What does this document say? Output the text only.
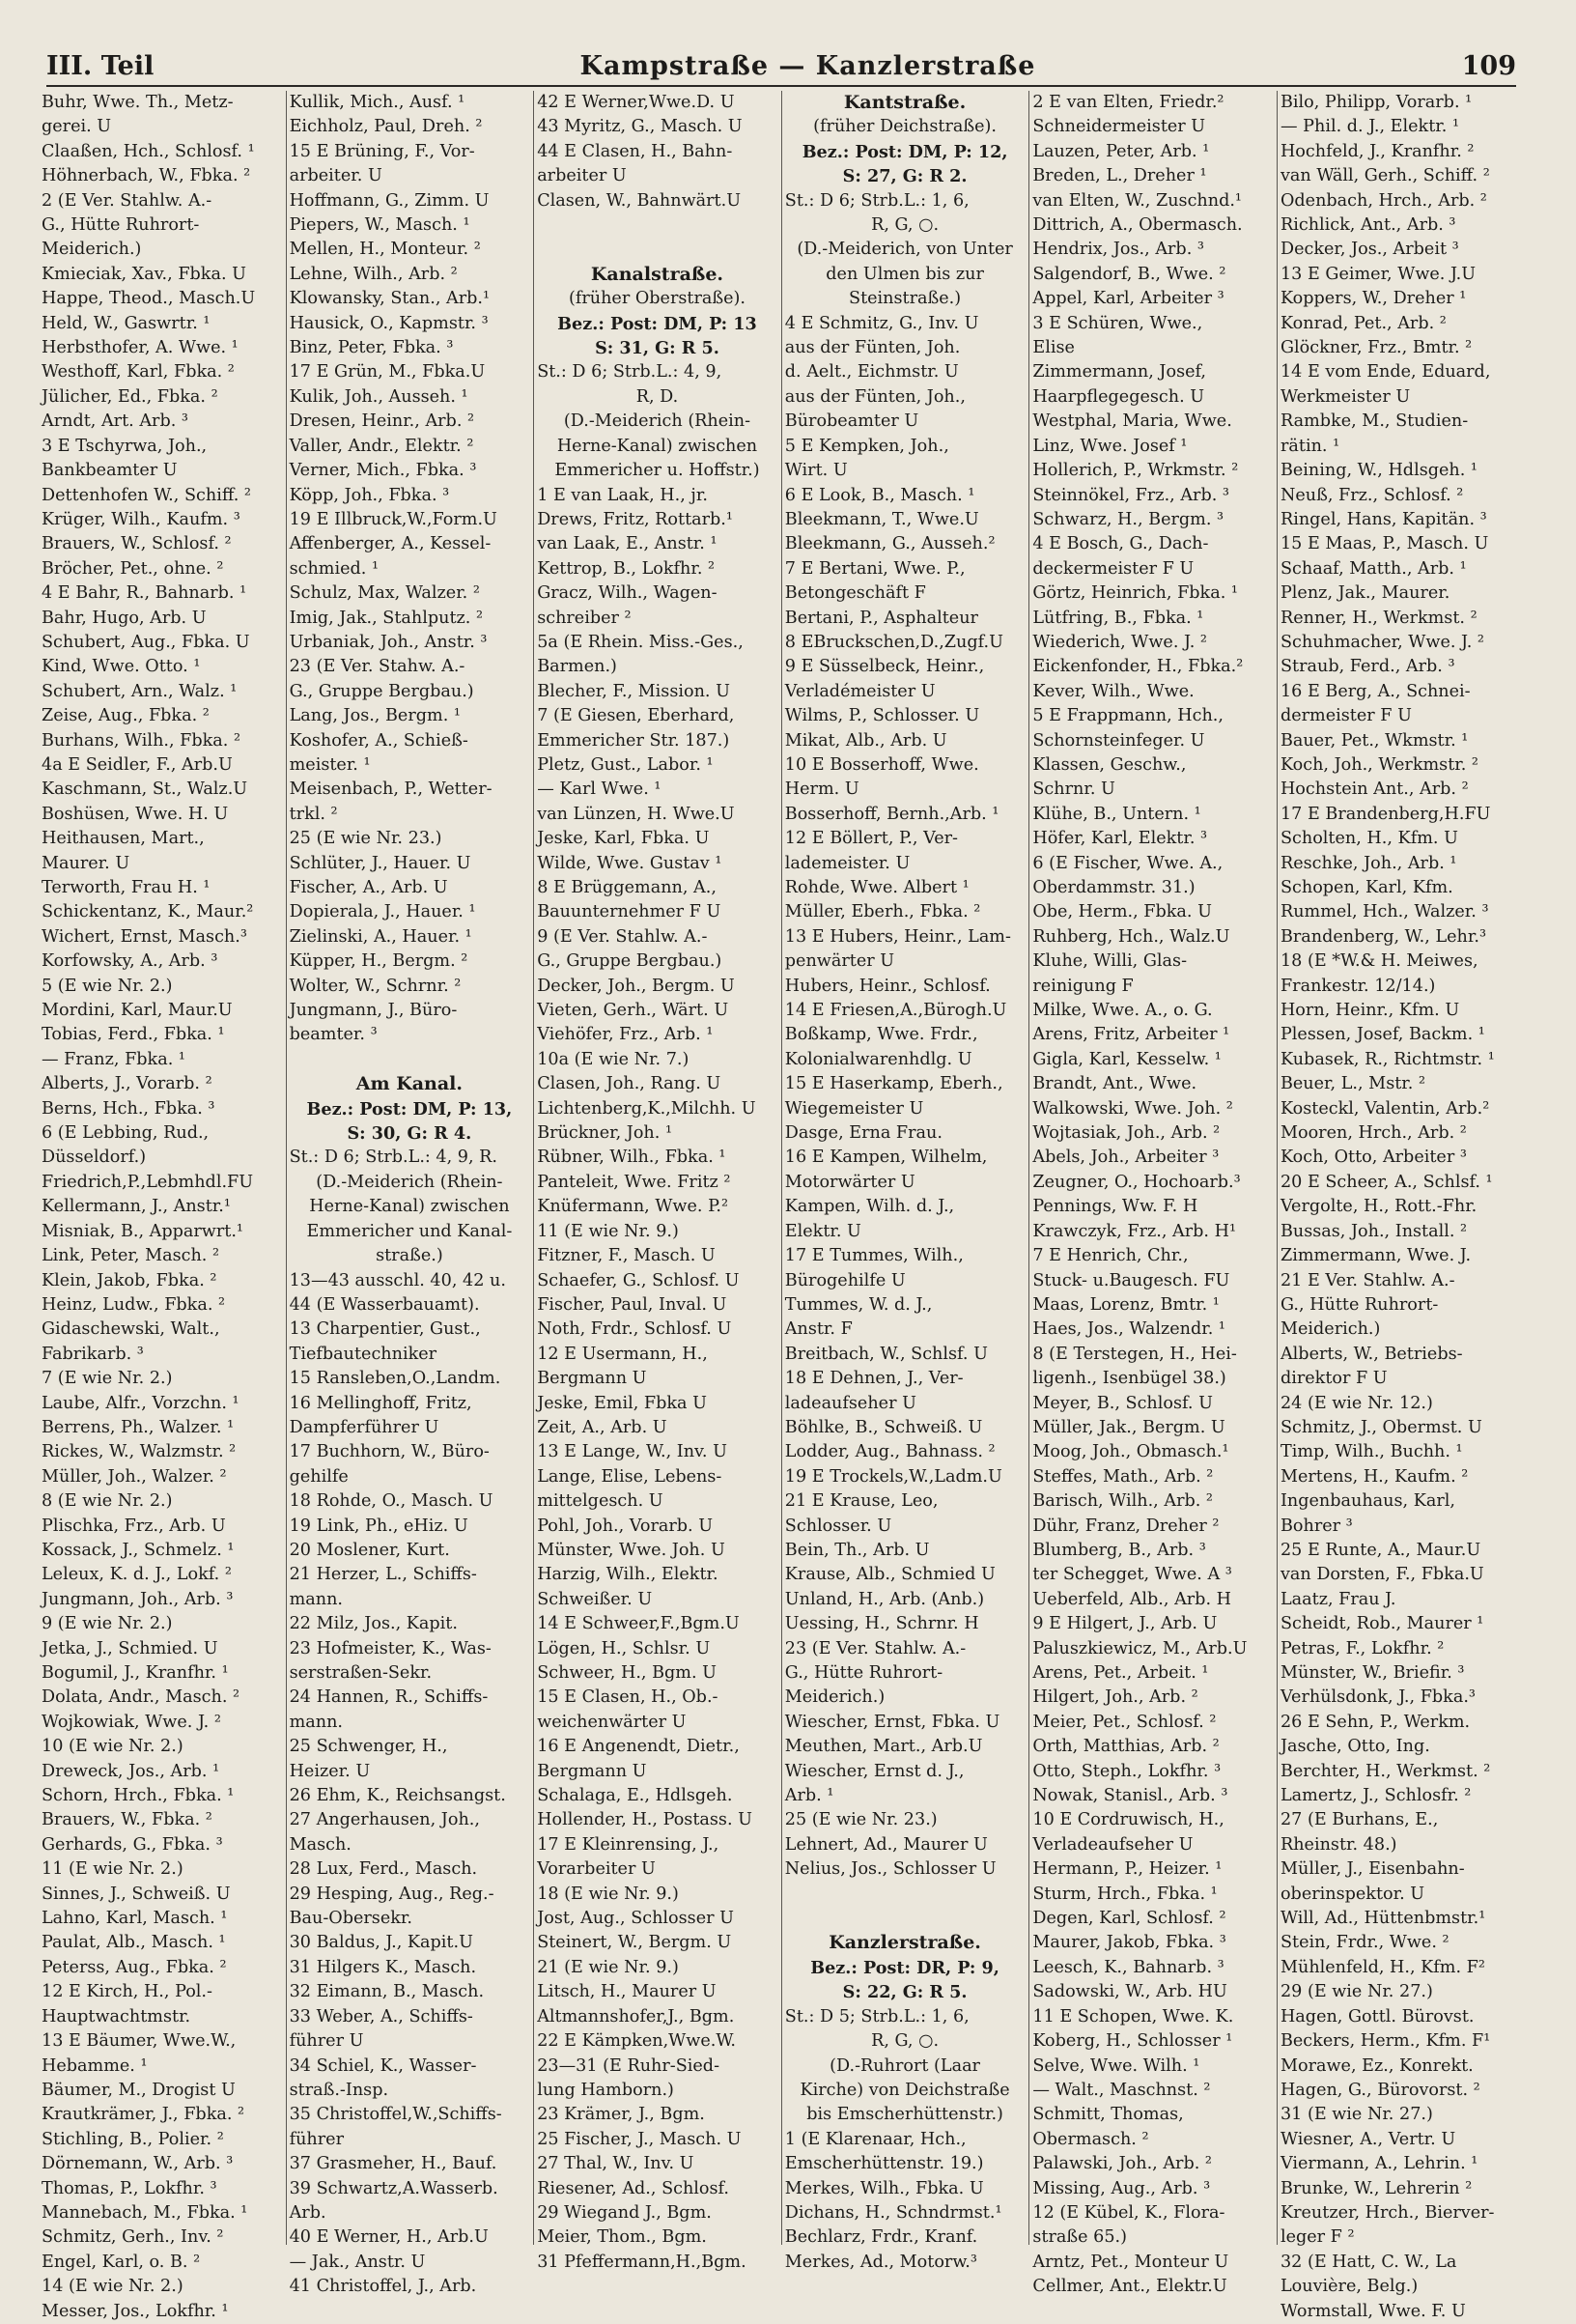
III. Teil	Kampstraße — Kanzlerstraße	109
Buhr, Wwe. Th., Metz-
gerei. U
Claaßen, Hch., Schlosf. ¹
Höhnerbach, W., Fbka. ²
2 (E Ver. Stahlw. A.-
G., Hütte Ruhrort-
Meiderich.)
Kmieciak, Xav., Fbka. U
Happe, Theod., Masch.U
Held, W., Gaswrtr. ¹
Herbsthofer, A. Wwe. ¹
Westhoff, Karl, Fbka. ²
Jülicher, Ed., Fbka. ²
Arndt, Art. Arb. ³
3 E Tschyrwa, Joh.,
Bankbeamter U
Dettenhofen W., Schiff. ²
Krüger, Wilh., Kaufm. ³
Brauers, W., Schlosf. ²
Bröcher, Pet., ohne. ²
4 E Bahr, R., Bahnarb. ¹
Bahr, Hugo, Arb. U
Schubert, Aug., Fbka. U
Kind, Wwe. Otto. ¹
Schubert, Arn., Walz. ¹
Zeise, Aug., Fbka. ²
Burhans, Wilh., Fbka. ²
4a E Seidler, F., Arb.U
Kaschmann, St., Walz.U
Boshüsen, Wwe. H. U
Heithausen, Mart.,
Maurer. U
Terworth, Frau H. ¹
Schickentanz, K., Maur.²
Wichert, Ernst, Masch.³
Korfowsky, A., Arb. ³
5 (E wie Nr. 2.)
Mordini, Karl, Maur.U
Tobias, Ferd., Fbka. ¹
— Franz, Fbka. ¹
Alberts, J., Vorarb. ²
Berns, Hch., Fbka. ³
6 (E Lebbing, Rud.,
Düsseldorf.)
Friedrich,P.,Lebmhdl.FU
Kellermann, J., Anstr.¹
Misniak, B., Apparwrt.¹
Link, Peter, Masch. ²
Klein, Jakob, Fbka. ²
Heinz, Ludw., Fbka. ²
Gidaschewski, Walt.,
Fabrikarb. ³
7 (E wie Nr. 2.)
Laube, Alfr., Vorzchn. ¹
Berrens, Ph., Walzer. ¹
Rickes, W., Walzmstr. ²
Müller, Joh., Walzer. ²
8 (E wie Nr. 2.)
Plischka, Frz., Arb. U
Kossack, J., Schmelz. ¹
Leleux, K. d. J., Lokf. ²
Jungmann, Joh., Arb. ³
9 (E wie Nr. 2.)
Jetka, J., Schmied. U
Bogumil, J., Kranfhr. ¹
Dolata, Andr., Masch. ²
Wojkowiak, Wwe. J. ²
10 (E wie Nr. 2.)
Dreweck, Jos., Arb. ¹
Schorn, Hrch., Fbka. ¹
Brauers, W., Fbka. ²
Gerhards, G., Fbka. ³
11 (E wie Nr. 2.)
Sinnes, J., Schweiß. U
Lahno, Karl, Masch. ¹
Paulat, Alb., Masch. ¹
Peterss, Aug., Fbka. ²
12 E Kirch, H., Pol.-
Hauptwachtmstr.
13 E Bäumer, Wwe.W.,
Hebamme. ¹
Bäumer, M., Drogist U
Krautkrämer, J., Fbka. ²
Stichling, B., Polier. ²
Dörnemann, W., Arb. ³
Thomas, P., Lokfhr. ³
Mannebach, M., Fbka. ¹
Schmitz, Gerh., Inv. ²
Engel, Karl, o. B. ²
14 (E wie Nr. 2.)
Messer, Jos., Lokfhr. ¹
Kullik, Mich., Ausf. ¹
Eichholz, Paul, Dreh. ²
15 E Brüning, F., Vor-
arbeiter. U
Hoffmann, G., Zimm. U
Piepers, W., Masch. ¹
Mellen, H., Monteur. ²
Lehne, Wilh., Arb. ²
Klowansky, Stan., Arb.¹
Hausick, O., Kapmstr. ³
Binz, Peter, Fbka. ³
17 E Grün, M., Fbka.U
Kulik, Joh., Ausseh. ¹
Dresen, Heinr., Arb. ²
Valler, Andr., Elektr. ²
Verner, Mich., Fbka. ³
Köpp, Joh., Fbka. ³
19 E Illbruck,W.,Form.U
Affenberger, A., Kessel-
schmied. ¹
Schulz, Max, Walzer. ²
Imig, Jak., Stahlputz. ²
Urbaniak, Joh., Anstr. ³
23 (E Ver. Stahw. A.-
G., Gruppe Bergbau.)
Lang, Jos., Bergm. ¹
Koshofer, A., Schieß-
meister. ¹
Meisenbach, P., Wetter-
trkl. ²
25 (E wie Nr. 23.)
Schlüter, J., Hauer. U
Fischer, A., Arb. U
Dopierala, J., Hauer. ¹
Zielinski, A., Hauer. ¹
Küpper, H., Bergm. ²
Wolter, W., Schrnr. ²
Jungmann, J., Büro-
beamter. ³

Am Kanal.
Bez.: Post: DM, P: 13,
S: 30, G: R 4.
St.: D 6; Strb.L.: 4, 9, R.
(D.-Meiderich (Rhein-
Herne-Kanal) zwischen
Emmericher und Kanal-
straße.)
13—43 ausschl. 40, 42 u.
44 (E Wasserbauamt).
13 Charpentier, Gust.,
Tiefbautechniker
15 Ransleben,O.,Landm.
16 Mellinghoff, Fritz,
Dampferführer U
17 Buchhorn, W., Büro-
gehilfe
18 Rohde, O., Masch. U
19 Link, Ph., eHiz. U
20 Moslener, Kurt.
21 Herzer, L., Schiffs-
mann.
22 Milz, Jos., Kapit.
23 Hofmeister, K., Was-
serstraßen-Sekr.
24 Hannen, R., Schiffs-
mann.
25 Schwenger, H.,
Heizer. U
26 Ehm, K., Reichsangst.
27 Angerhausen, Joh.,
Masch.
28 Lux, Ferd., Masch.
29 Hesping, Aug., Reg.-
Bau-Obersekr.
30 Baldus, J., Kapit.U
31 Hilgers K., Masch.
32 Eimann, B., Masch.
33 Weber, A., Schiffs-
führer U
34 Schiel, K., Wasser-
straß.-Insp.
35 Christoffel,W.,Schiffs-
führer
37 Grasmeher, H., Bauf.
39 Schwartz,A.Wasserb.
Arb.
40 E Werner, H., Arb.U
— Jak., Anstr. U
41 Christoffel, J., Arb.
42 E Werner,Wwe.D. U
43 Myritz, G., Masch. U
44 E Clasen, H., Bahn-
arbeiter U
Clasen, W., Bahnwärt.U

Kanalstraße.
(früher Oberstraße).
Bez.: Post: DM, P: 13
S: 31, G: R 5.
St.: D 6; Strb.L.: 4, 9,
R, D.
(D.-Meiderich (Rhein-
Herne-Kanal) zwischen
Emmericher u. Hoffstr.)
1 E van Laak, H., jr.
Drews, Fritz, Rottarb.¹
van Laak, E., Anstr. ¹
Kettrop, B., Lokfhr. ²
Gracz, Wilh., Wagen-
schreiber ²
5a (E Rhein. Miss.-Ges.,
Barmen.)
Blecher, F., Mission. U
7 (E Giesen, Eberhard,
Emmericher Str. 187.)
Pletz, Gust., Labor. ¹
— Karl Wwe. ¹
van Lünzen, H. Wwe.U
Jeske, Karl, Fbka. U
Wilde, Wwe. Gustav ¹
8 E Brüggemann, A.,
Bauunternehmer F U
9 (E Ver. Stahlw. A.-
G., Gruppe Bergbau.)
Decker, Joh., Bergm. U
Vieten, Gerh., Wärt. U
Viehöfer, Frz., Arb. ¹
10a (E wie Nr. 7.)
Clasen, Joh., Rang. U
Lichtenberg,K.,Milchh. U
Brückner, Joh. ¹
Rübner, Wilh., Fbka. ¹
Panteleit, Wwe. Fritz ²
Knüfermann, Wwe. P.²
11 (E wie Nr. 9.)
Fitzner, F., Masch. U
Schaefer, G., Schlosf. U
Fischer, Paul, Inval. U
Noth, Frdr., Schlosf. U
12 E Usermann, H.,
Bergmann U
Jeske, Emil, Fbka U
Zeit, A., Arb. U
13 E Lange, W., Inv. U
Lange, Elise, Lebens-
mittelgesch. U
Pohl, Joh., Vorarb. U
Münster, Wwe. Joh. U
Harzig, Wilh., Elektr.
Schweißer. U
14 E Schweer,F.,Bgm.U
Lögen, H., Schlsr. U
Schweer, H., Bgm. U
15 E Clasen, H., Ob.-
weichenwärter U
16 E Angenendt, Dietr.,
Bergmann U
Schalaga, E., Hdlsgeh.
Hollender, H., Postass. U
17 E Kleinrensing, J.,
Vorarbeiter U
18 (E wie Nr. 9.)
Jost, Aug., Schlosser U
Steinert, W., Bergm. U
21 (E wie Nr. 9.)
Litsch, H., Maurer U
Altmannshofer,J., Bgm.
22 E Kämpken,Wwe.W.
23—31 (E Ruhr-Sied-
lung Hamborn.)
23 Krämer, J., Bgm.
25 Fischer, J., Masch. U
27 Thal, W., Inv. U
Riesener, Ad., Schlosf.
29 Wiegand J., Bgm.
Meier, Thom., Bgm.
31 Pfeffermann,H.,Bgm.
Kantstraße.
(früher Deichstraße).
Bez.: Post: DM, P: 12,
S: 27, G: R 2.
St.: D 6; Strb.L.: 1, 6,
R, G, ○.
(D.-Meiderich, von Unter
den Ulmen bis zur
Steinstraße.)
4 E Schmitz, G., Inv. U
aus der Fünten, Joh.
d. Aelt., Eichmstr. U
aus der Fünten, Joh.,
Bürobeamter U
5 E Kempken, Joh.,
Wirt. U
6 E Look, B., Masch. ¹
Bleekmann, T., Wwe.U
Bleekmann, G., Ausseh.²
7 E Bertani, Wwe. P.,
Betongeschäft F
Bertani, P., Asphalteur
8 EBruckschen,D.,Zugf.U
9 E Süsselbeck, Heinr.,
Verladémeister U
Wilms, P., Schlosser. U
Mikat, Alb., Arb. U
10 E Bosserhoff, Wwe.
Herm. U
Bosserhoff, Bernh.,Arb. ¹
12 E Böllert, P., Ver-
lademeister. U
Rohde, Wwe. Albert ¹
Müller, Eberh., Fbka. ²
13 E Hubers, Heinr., Lam-
penwärter U
Hubers, Heinr., Schlosf.
14 E Friesen,A.,Bürogh.U
Boßkamp, Wwe. Frdr.,
Kolonialwarenhdlg. U
15 E Haserkamp, Eberh.,
Wiegemeister U
Dasge, Erna Frau.
16 E Kampen, Wilhelm,
Motorwärter U
Kampen, Wilh. d. J.,
Elektr. U
17 E Tummes, Wilh.,
Bürogehilfe U
Tummes, W. d. J.,
Anstr. F
Breitbach, W., Schlsf. U
18 E Dehnen, J., Ver-
ladeaufseher U
Böhlke, B., Schweiß. U
Lodder, Aug., Bahnass. ²
19 E Trockels,W.,Ladm.U
21 E Krause, Leo,
Schlosser. U
Bein, Th., Arb. U
Krause, Alb., Schmied U
Unland, H., Arb. (Anb.)
Uessing, H., Schrnr. H
23 (E Ver. Stahlw. A.-
G., Hütte Ruhrort-
Meiderich.)
Wiescher, Ernst, Fbka. U
Meuthen, Mart., Arb.U
Wiescher, Ernst d. J.,
Arb. ¹
25 (E wie Nr. 23.)
Lehnert, Ad., Maurer U
Nelius, Jos., Schlosser U

Kanzlerstraße.
Bez.: Post: DR, P: 9,
S: 22, G: R 5.
St.: D 5; Strb.L.: 1, 6,
R, G, ○.
(D.-Ruhrort (Laar
Kirche) von Deichstraße
bis Emscherhüttenstr.)
1 (E Klarenaar, Hch.,
Emscherhüttenstr. 19.)
Merkes, Wilh., Fbka. U
Dichans, H., Schndrmst.¹
Bechlarz, Frdr., Kranf.
Merkes, Ad., Motorw.³
2 E van Elten, Friedr.²
Schneidermeister U
Lauzen, Peter, Arb. ¹
Breden, L., Dreher ¹
van Elten, W., Zuschnd.¹
Dittrich, A., Obermasch.
Hendrix, Jos., Arb. ³
Salgendorf, B., Wwe. ²
Appel, Karl, Arbeiter ³
3 E Schüren, Wwe.,
Elise
Zimmermann, Josef,
Haarpflegegesch. U
Westphal, Maria, Wwe.
Linz, Wwe. Josef ¹
Hollerich, P., Wrkmstr. ²
Steinnökel, Frz., Arb. ³
Schwarz, H., Bergm. ³
4 E Bosch, G., Dach-
deckermeister F U
Görtz, Heinrich, Fbka. ¹
Lütfring, B., Fbka. ¹
Wiederich, Wwe. J. ²
Eickenfonder, H., Fbka.²
Kever, Wilh., Wwe.
5 E Frappmann, Hch.,
Schornsteinfeger. U
Klassen, Geschw.,
Schrnr. U
Klühe, B., Untern. ¹
Höfer, Karl, Elektr. ³
6 (E Fischer, Wwe. A.,
Oberdammstr. 31.)
Obe, Herm., Fbka. U
Ruhberg, Hch., Walz.U
Kluhe, Willi, Glas-
reinigung F
Milke, Wwe. A., o. G.
Arens, Fritz, Arbeiter ¹
Gigla, Karl, Kesselw. ¹
Brandt, Ant., Wwe.
Walkowski, Wwe. Joh. ²
Wojtasiak, Joh., Arb. ²
Abels, Joh., Arbeiter ³
Zeugner, O., Hochoarb.³
Pennings, Ww. F. H
Krawczyk, Frz., Arb. H¹
7 E Henrich, Chr.,
Stuck- u.Baugesch. FU
Maas, Lorenz, Bmtr. ¹
Haes, Jos., Walzendr. ¹
8 (E Terstegen, H., Hei-
ligenh., Isenbügel 38.)
Meyer, B., Schlosf. U
Müller, Jak., Bergm. U
Moog, Joh., Obmasch.¹
Steffes, Math., Arb. ²
Barisch, Wilh., Arb. ²
Dühr, Franz, Dreher ²
Blumberg, B., Arb. ³
ter Schegget, Wwe. A ³
Ueberfeld, Alb., Arb. H
9 E Hilgert, J., Arb. U
Paluszkiewicz, M., Arb.U
Arens, Pet., Arbeit. ¹
Hilgert, Joh., Arb. ²
Meier, Pet., Schlosf. ²
Orth, Matthias, Arb. ²
Otto, Steph., Lokfhr. ³
Nowak, Stanisl., Arb. ³
10 E Cordruwisch, H.,
Verladeaufseher U
Hermann, P., Heizer. ¹
Sturm, Hrch., Fbka. ¹
Degen, Karl, Schlosf. ²
Maurer, Jakob, Fbka. ³
Leesch, K., Bahnarb. ³
Sadowski, W., Arb. HU
11 E Schopen, Wwe. K.
Koberg, H., Schlosser ¹
Selve, Wwe. Wilh. ¹
— Walt., Maschnst. ²
Schmitt, Thomas,
Obermasch. ²
Palawski, Joh., Arb. ²
Missing, Aug., Arb. ³
12 (E Kübel, K., Flora-
straße 65.)
Arntz, Pet., Monteur U
Cellmer, Ant., Elektr.U
Bilo, Philipp, Vorarb. ¹
— Phil. d. J., Elektr. ¹
Hochfeld, J., Kranfhr. ²
van Wäll, Gerh., Schiff. ²
Odenbach, Hrch., Arb. ²
Richlick, Ant., Arb. ³
Decker, Jos., Arbeit ³
13 E Geimer, Wwe. J.U
Koppers, W., Dreher ¹
Konrad, Pet., Arb. ²
Glöckner, Frz., Bmtr. ²
14 E vom Ende, Eduard,
Werkmeister U
Rambke, M., Studien-
rätin. ¹
Beining, W., Hdlsgeh. ¹
Neuß, Frz., Schlosf. ²
Ringel, Hans, Kapitän. ³
15 E Maas, P., Masch. U
Schaaf, Matth., Arb. ¹
Plenz, Jak., Maurer.
Renner, H., Werkmst. ²
Schuhmacher, Wwe. J. ²
Straub, Ferd., Arb. ³
16 E Berg, A., Schnei-
dermeister F U
Bauer, Pet., Wkmstr. ¹
Koch, Joh., Werkmstr. ²
Hochstein Ant., Arb. ²
17 E Brandenberg,H.FU
Scholten, H., Kfm. U
Reschke, Joh., Arb. ¹
Schopen, Karl, Kfm.
Rummel, Hch., Walzer. ³
Brandenberg, W., Lehr.³
18 (E *W.& H. Meiwes,
Frankestr. 12/14.)
Horn, Heinr., Kfm. U
Plessen, Josef, Backm. ¹
Kubasek, R., Richtmstr. ¹
Beuer, L., Mstr. ²
Kosteckl, Valentin, Arb.²
Mooren, Hrch., Arb. ²
Koch, Otto, Arbeiter ³
20 E Scheer, A., Schlsf. ¹
Vergolte, H., Rott.-Fhr.
Bussas, Joh., Install. ²
Zimmermann, Wwe. J.
21 E Ver. Stahlw. A.-
G., Hütte Ruhrort-
Meiderich.)
Alberts, W., Betriebs-
direktor F U
24 (E wie Nr. 12.)
Schmitz, J., Obermst. U
Timp, Wilh., Buchh. ¹
Mertens, H., Kaufm. ²
Ingenbauhaus, Karl,
Bohrer ³
25 E Runte, A., Maur.U
van Dorsten, F., Fbka.U
Laatz, Frau J.
Scheidt, Rob., Maurer ¹
Petras, F., Lokfhr. ²
Münster, W., Briefir. ³
Verhülsdonk, J., Fbka.³
26 E Sehn, P., Werkm.
Jasche, Otto, Ing.
Berchter, H., Werkmst. ²
Lamertz, J., Schlosfr. ²
27 (E Burhans, E.,
Rheinstr. 48.)
Müller, J., Eisenbahn-
oberinspektor. U
Will, Ad., Hüttenbmstr.¹
Stein, Frdr., Wwe. ²
Mühlenfeld, H., Kfm. F²
29 (E wie Nr. 27.)
Hagen, Gottl. Bürovst.
Beckers, Herm., Kfm. F¹
Morawe, Ez., Konrekt.
Hagen, G., Bürovorst. ²
31 (E wie Nr. 27.)
Wiesner, A., Vertr. U
Viermann, A., Lehrin. ¹
Brunke, W., Lehrerin ²
Kreutzer, Hrch., Bierver-
leger F ²
32 (E Hatt, C. W., La
Louvière, Belg.)
Wormstall, Wwe. F. U
